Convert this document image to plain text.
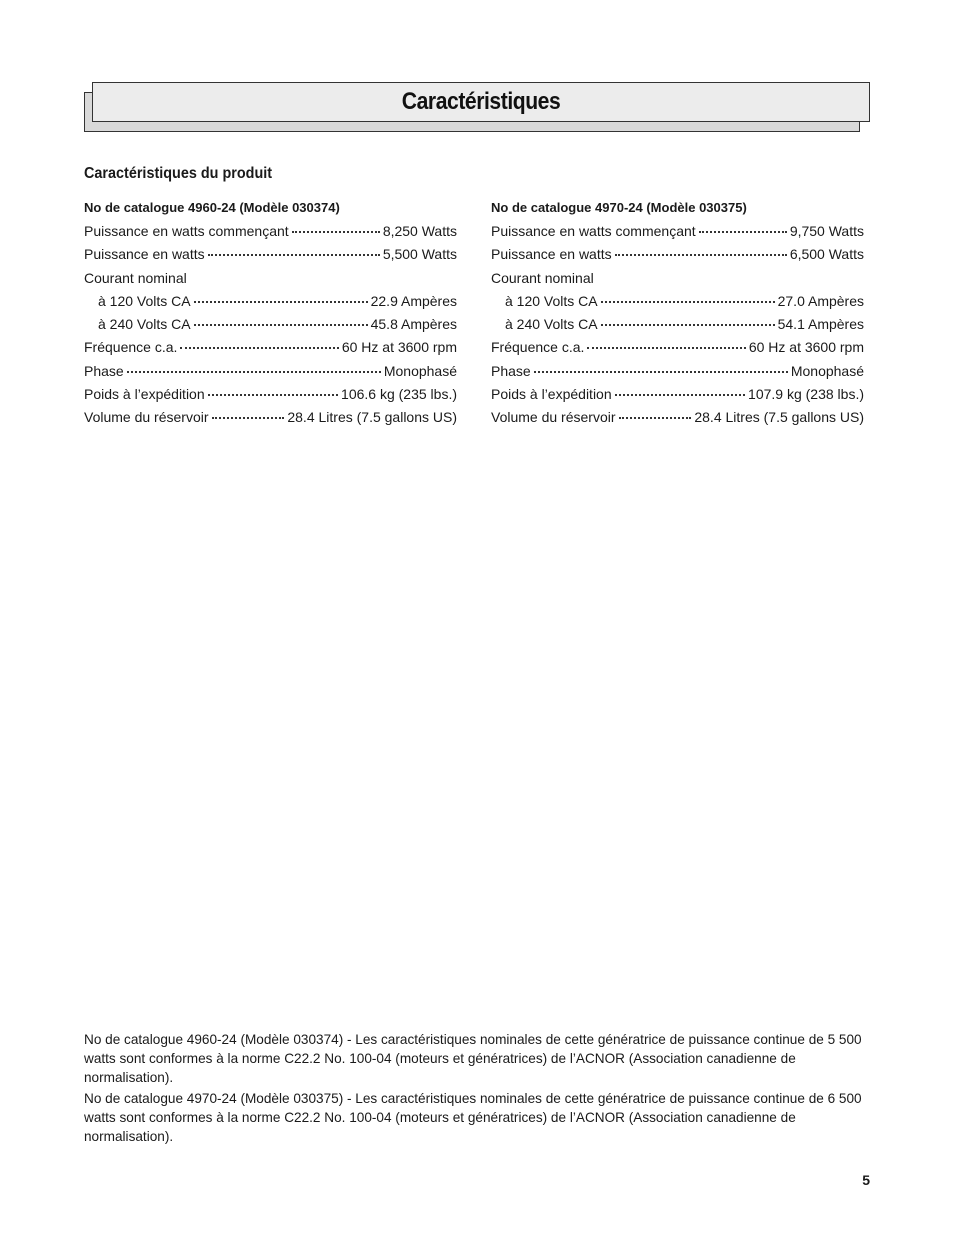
Caractéristiques
Caractéristiques du produit
No de catalogue 4960-24 (Modèle 030374)
Puissance en watts commençant	8,250 Watts
Puissance en watts	5,500 Watts
Courant nominal
à 120 Volts CA	22.9 Ampères
à 240 Volts CA	45.8 Ampères
Fréquence c.a.	60 Hz at 3600 rpm
Phase	Monophasé
Poids à l’expédition	106.6 kg (235 lbs.)
Volume du réservoir	28.4 Litres (7.5 gallons US)
No de catalogue 4970-24 (Modèle 030375)
Puissance en watts commençant	9,750 Watts
Puissance en watts	6,500 Watts
Courant nominal
à 120 Volts CA	27.0 Ampères
à 240 Volts CA	54.1 Ampères
Fréquence c.a.	60 Hz at 3600 rpm
Phase	Monophasé
Poids à l’expédition	107.9 kg (238 lbs.)
Volume du réservoir	28.4 Litres (7.5 gallons US)

No de catalogue 4960-24 (Modèle 030374) - Les caractéristiques nominales de cette génératrice de puissance continue de 5 500 watts sont conformes à la norme C22.2 No. 100-04 (moteurs et génératrices) de l’ACNOR (Association canadienne de normalisation).

No de catalogue 4970-24 (Modèle 030375) - Les caractéristiques nominales de cette génératrice de puissance continue de 6 500 watts sont conformes à la norme C22.2 No. 100-04 (moteurs et génératrices) de l’ACNOR (Association canadienne de normalisation).

5
